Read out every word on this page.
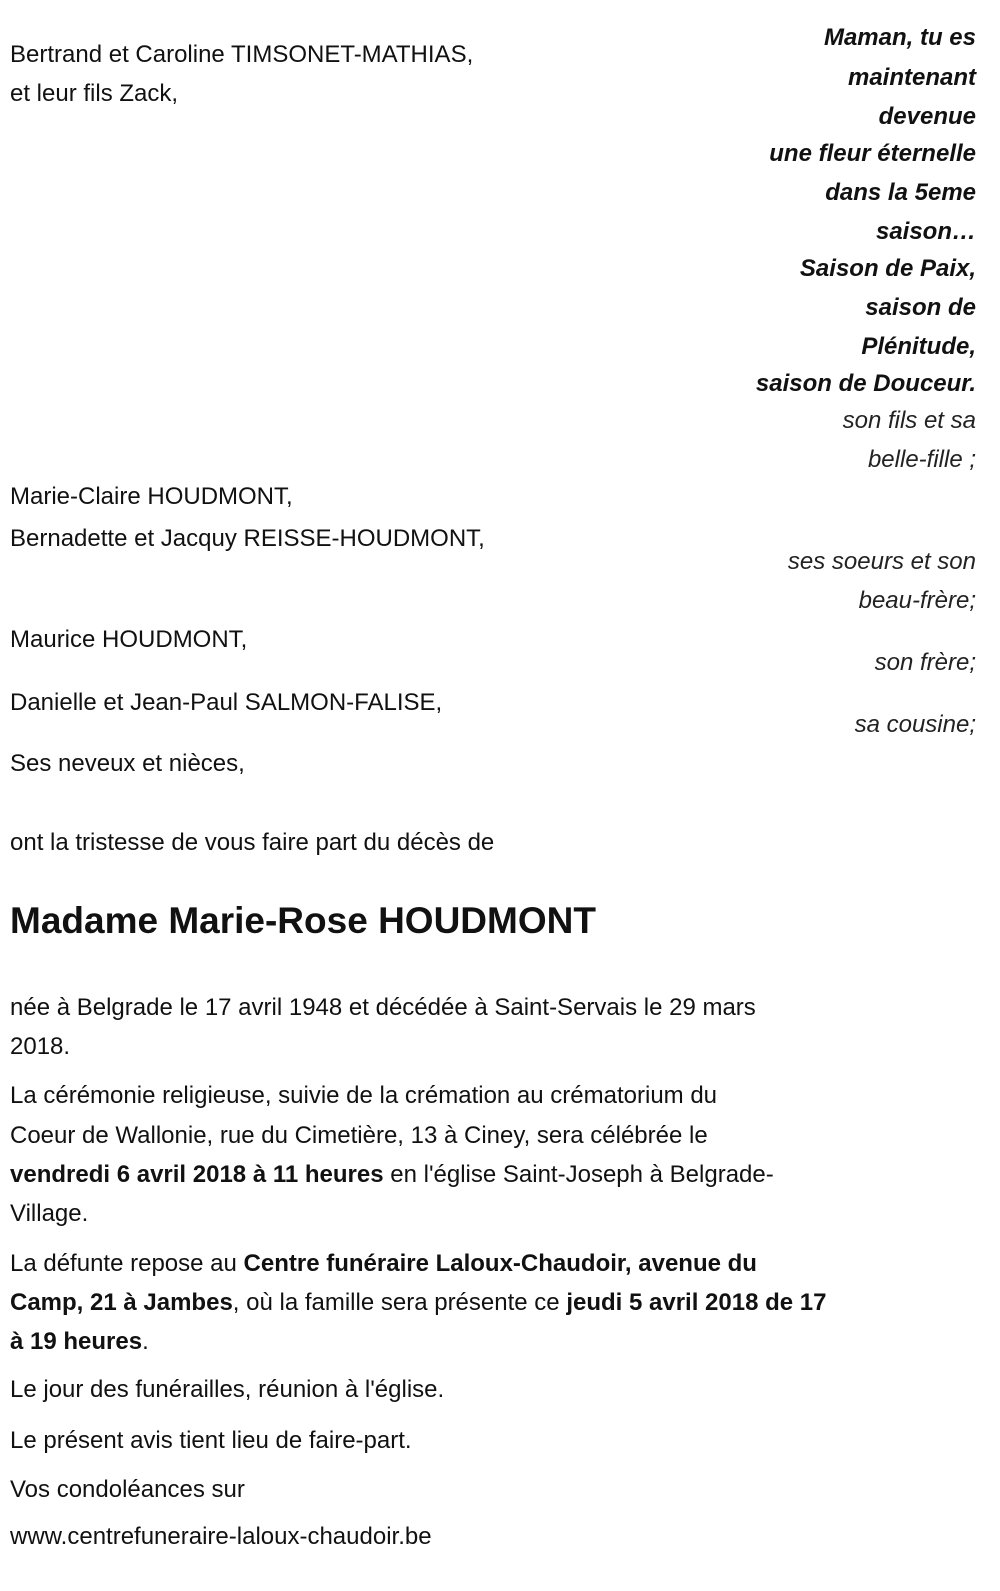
Bertrand et Caroline TIMSONET-MATHIAS,
et leur fils Zack,
Maman, tu es
maintenant
devenue
une fleur éternelle
dans la 5eme
saison…
Saison de Paix,
saison de
Plénitude,
saison de Douceur.
son fils et sa
belle-fille ;
Marie-Claire HOUDMONT,
Bernadette et Jacquy REISSE-HOUDMONT,
ses soeurs et son
beau-frère;
Maurice HOUDMONT,
son frère;
Danielle et Jean-Paul SALMON-FALISE,
sa cousine;
Ses neveux et nièces,
ont la tristesse de vous faire part du décès de
Madame Marie-Rose HOUDMONT
née à Belgrade le 17 avril 1948 et décédée à Saint-Servais le 29 mars
2018.
La cérémonie religieuse, suivie de la crémation au crématorium du
Coeur de Wallonie, rue du Cimetière, 13 à Ciney, sera célébrée le
vendredi 6 avril 2018 à 11 heures en l'église Saint-Joseph à Belgrade-
Village.
La défunte repose au Centre funéraire Laloux-Chaudoir, avenue du
Camp, 21 à Jambes, où la famille sera présente ce jeudi 5 avril 2018 de 17
à 19 heures.
Le jour des funérailles, réunion à l'église.
Le présent avis tient lieu de faire-part.
Vos condoléances sur
www.centrefuneraire-laloux-chaudoir.be
